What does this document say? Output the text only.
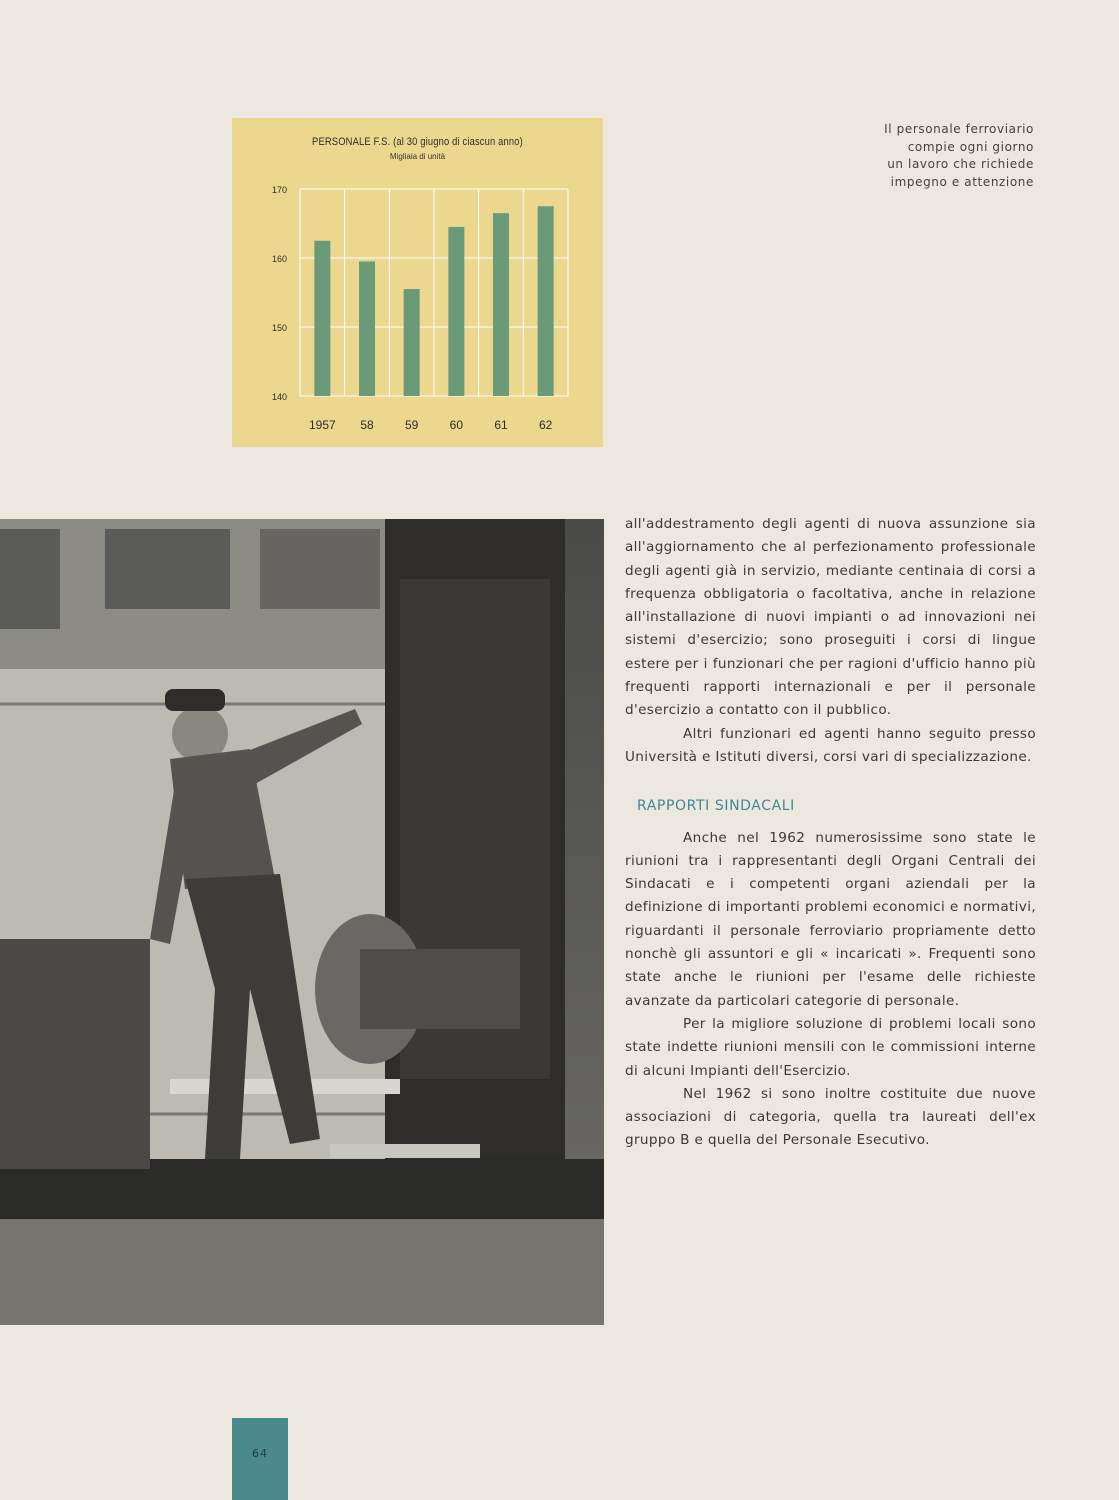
PERSONALE F.S. (al 30 giugno di ciascun anno)
Migliaia di unità
140
150
160
170
1957 58	59	60	61	62
Il personale ferroviario
compie ogni giorno
un lavoro che richiede
impegno e attenzione

all'addestramento degli agenti di nuova assunzione sia all'aggiornamento che al perfezionamento professionale degli agenti già in servizio, mediante centinaia di corsi a frequenza obbligatoria o facoltativa, anche in relazione all'installazione di nuovi impianti o ad innovazioni nei sistemi d'esercizio; sono proseguiti i corsi di lingue estere per i funzionari che per ragioni d'ufficio hanno più frequenti rapporti internazionali e per il personale d'esercizio a contatto con il pubblico.

Altri funzionari ed agenti hanno seguito presso Università e Istituti diversi, corsi vari di specializzazione.

RAPPORTI SINDACALI

Anche nel 1962 numerosissime sono state le riunioni tra i rappresentanti degli Organi Centrali dei Sindacati e i competenti organi aziendali per la definizione di importanti problemi economici e normativi, riguardanti il personale ferroviario propriamente detto nonchè gli assuntori e gli « incaricati ». Frequenti sono state anche le riunioni per l'esame delle richieste avanzate da particolari categorie di personale.

Per la migliore soluzione di problemi locali sono state indette riunioni mensili con le commissioni interne di alcuni Impianti dell'Esercizio.

Nel 1962 si sono inoltre costituite due nuove associazioni di categoria, quella tra laureati dell'ex gruppo B e quella del Personale Esecutivo.

64
